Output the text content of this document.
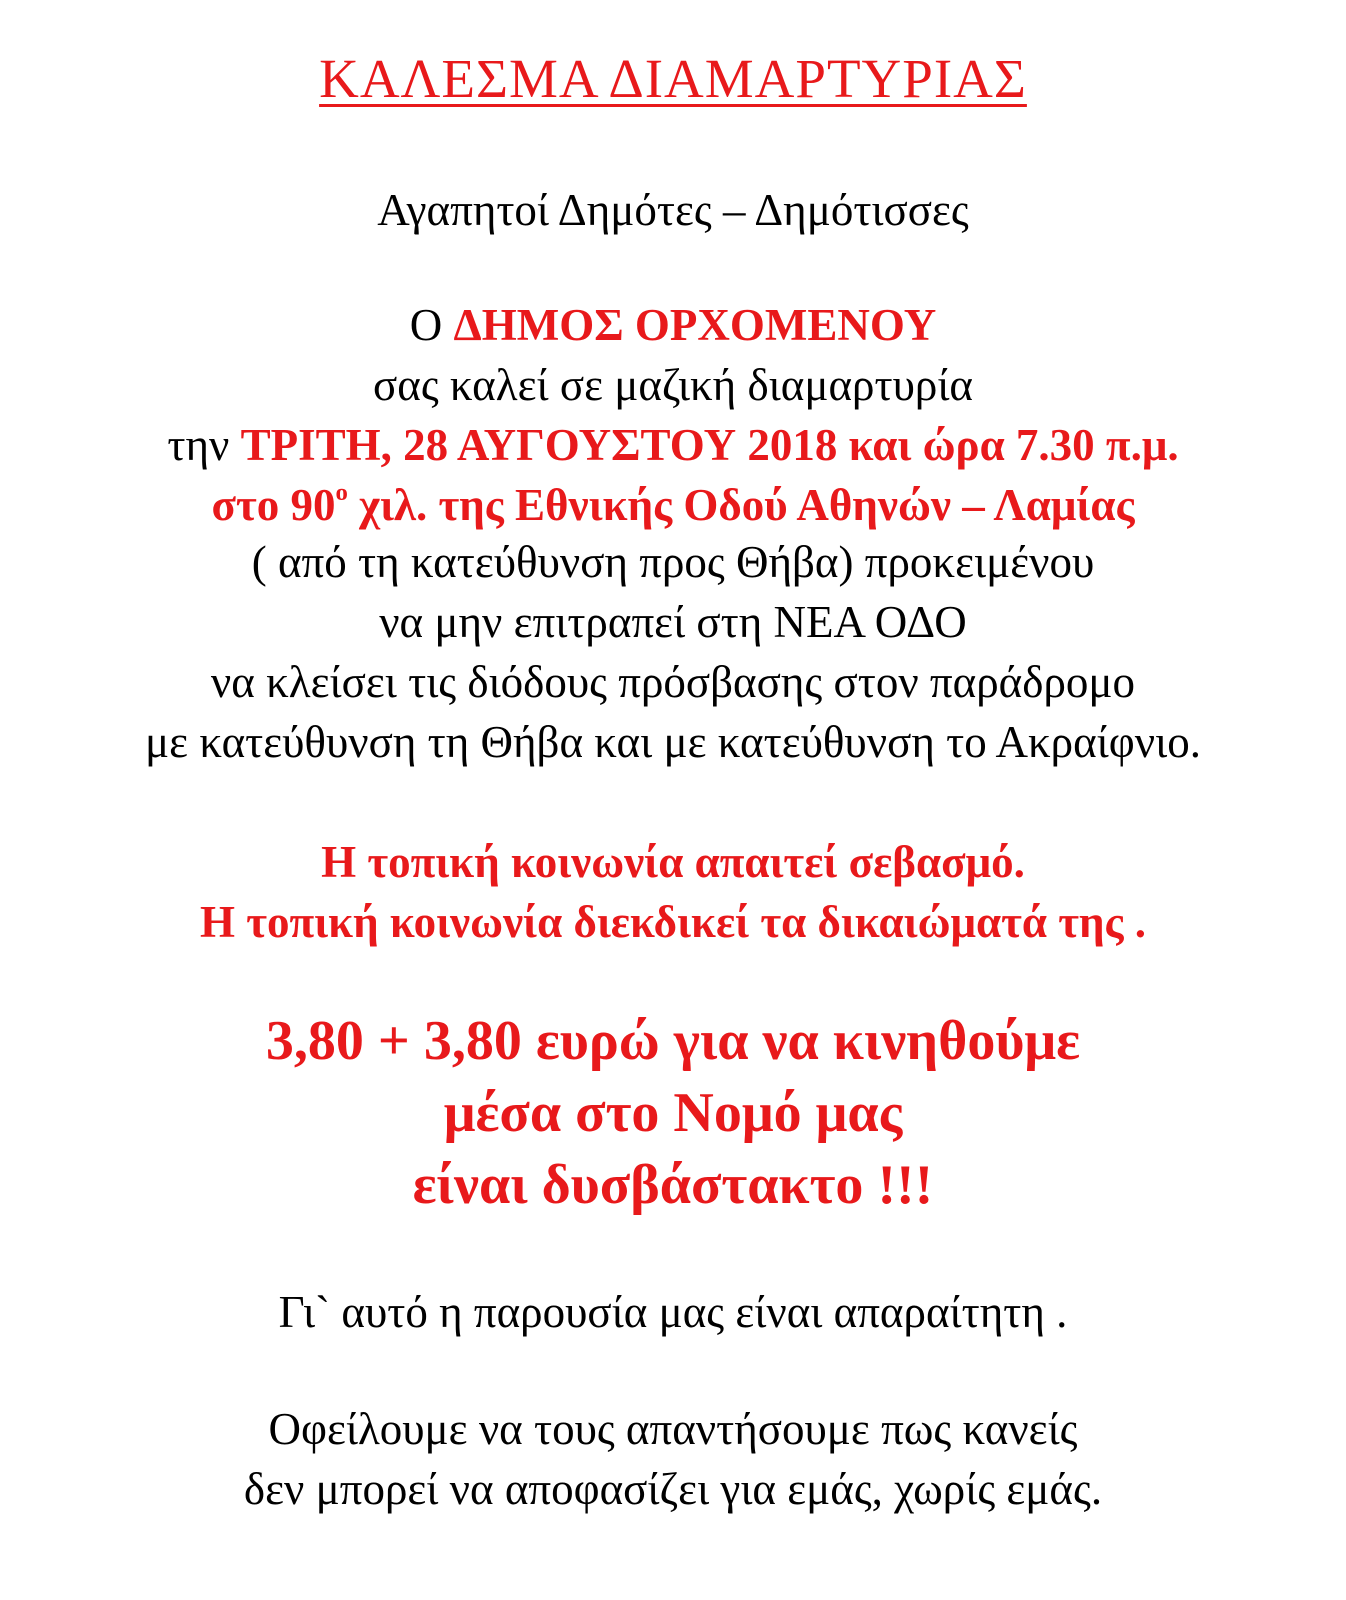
ΚΑΛΕΣΜΑ ΔΙΑΜΑΡΤΥΡΙΑΣ
Αγαπητοί Δημότες – Δημότισσες
Ο ΔΗΜΟΣ ΟΡΧΟΜΕΝΟΥ
σας καλεί σε μαζική διαμαρτυρία
την ΤΡΙΤΗ, 28 ΑΥΓΟΥΣΤΟΥ 2018 και ώρα 7.30 π.μ.
στο $90^o$ χιλ. της Εθνικής Οδού Αθηνών – Λαμίας
( από τη κατεύθυνση προς Θήβα) προκειμένου
να μην επιτραπεί στη ΝΕΑ ΟΔΟ
να κλείσει τις διόδους πρόσβασης στον παράδρομο
με κατεύθυνση τη Θήβα και με κατεύθυνση το Ακραίφνιο.
Η τοπική κοινωνία απαιτεί σεβασμό.
Η τοπική κοινωνία διεκδικεί τα δικαιώματά της .
3,80 + 3,80 ευρώ για να κινηθούμε
μέσα στο Νομό μας
είναι δυσβάστακτο !!!
Γι` αυτό η παρουσία μας είναι απαραίτητη .
Οφείλουμε να τους απαντήσουμε πως κανείς
δεν μπορεί να αποφασίζει για εμάς, χωρίς εμάς.
